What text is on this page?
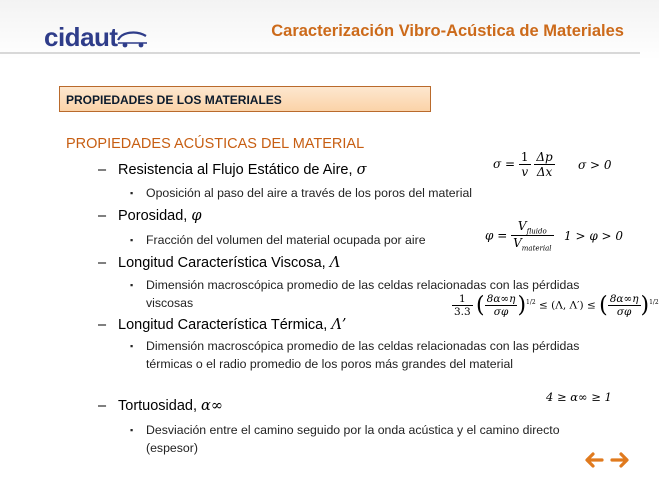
cidaut	Caracterización Vibro-Acústica de Materiales
PROPIEDADES DE LOS MATERIALES
PROPIEDADES ACÚSTICAS DEL MATERIAL
– Resistencia al Flujo Estático de Aire, σ
▪ Oposición al paso del aire a través de los poros del material
– Porosidad, φ
▪ Fracción del volumen del material ocupada por aire
– Longitud Característica Viscosa, Λ
▪ Dimensión macroscópica promedio de las celdas relacionadas con las pérdidas viscosas
– Longitud Característica Térmica, Λ’
▪ Dimensión macroscópica promedio de las celdas relacionadas con las pérdidas térmicas o el radio promedio de los poros más grandes del material
– Tortuosidad, α∞
▪ Desviación entre el camino seguido por la onda acústica y el camino directo (espesor)
$\sigma = \frac{1}{v}$
$\frac{\Delta p}{\Delta x}$ σ > 0
$\varphi = \frac{V_{fluido}}{V_{material}} 1 > \varphi > 0$
$\frac{1}{3.3}$ ( $\frac{8\alpha\infty\eta}{\sigma\varphi} )^{1/2} \le (\Lambda$, Λ′) ≤ ( $\frac{8\alpha\infty\eta}{\sigma\varphi} )^{1/2}$
4 ≥ α∞ ≥ 1
